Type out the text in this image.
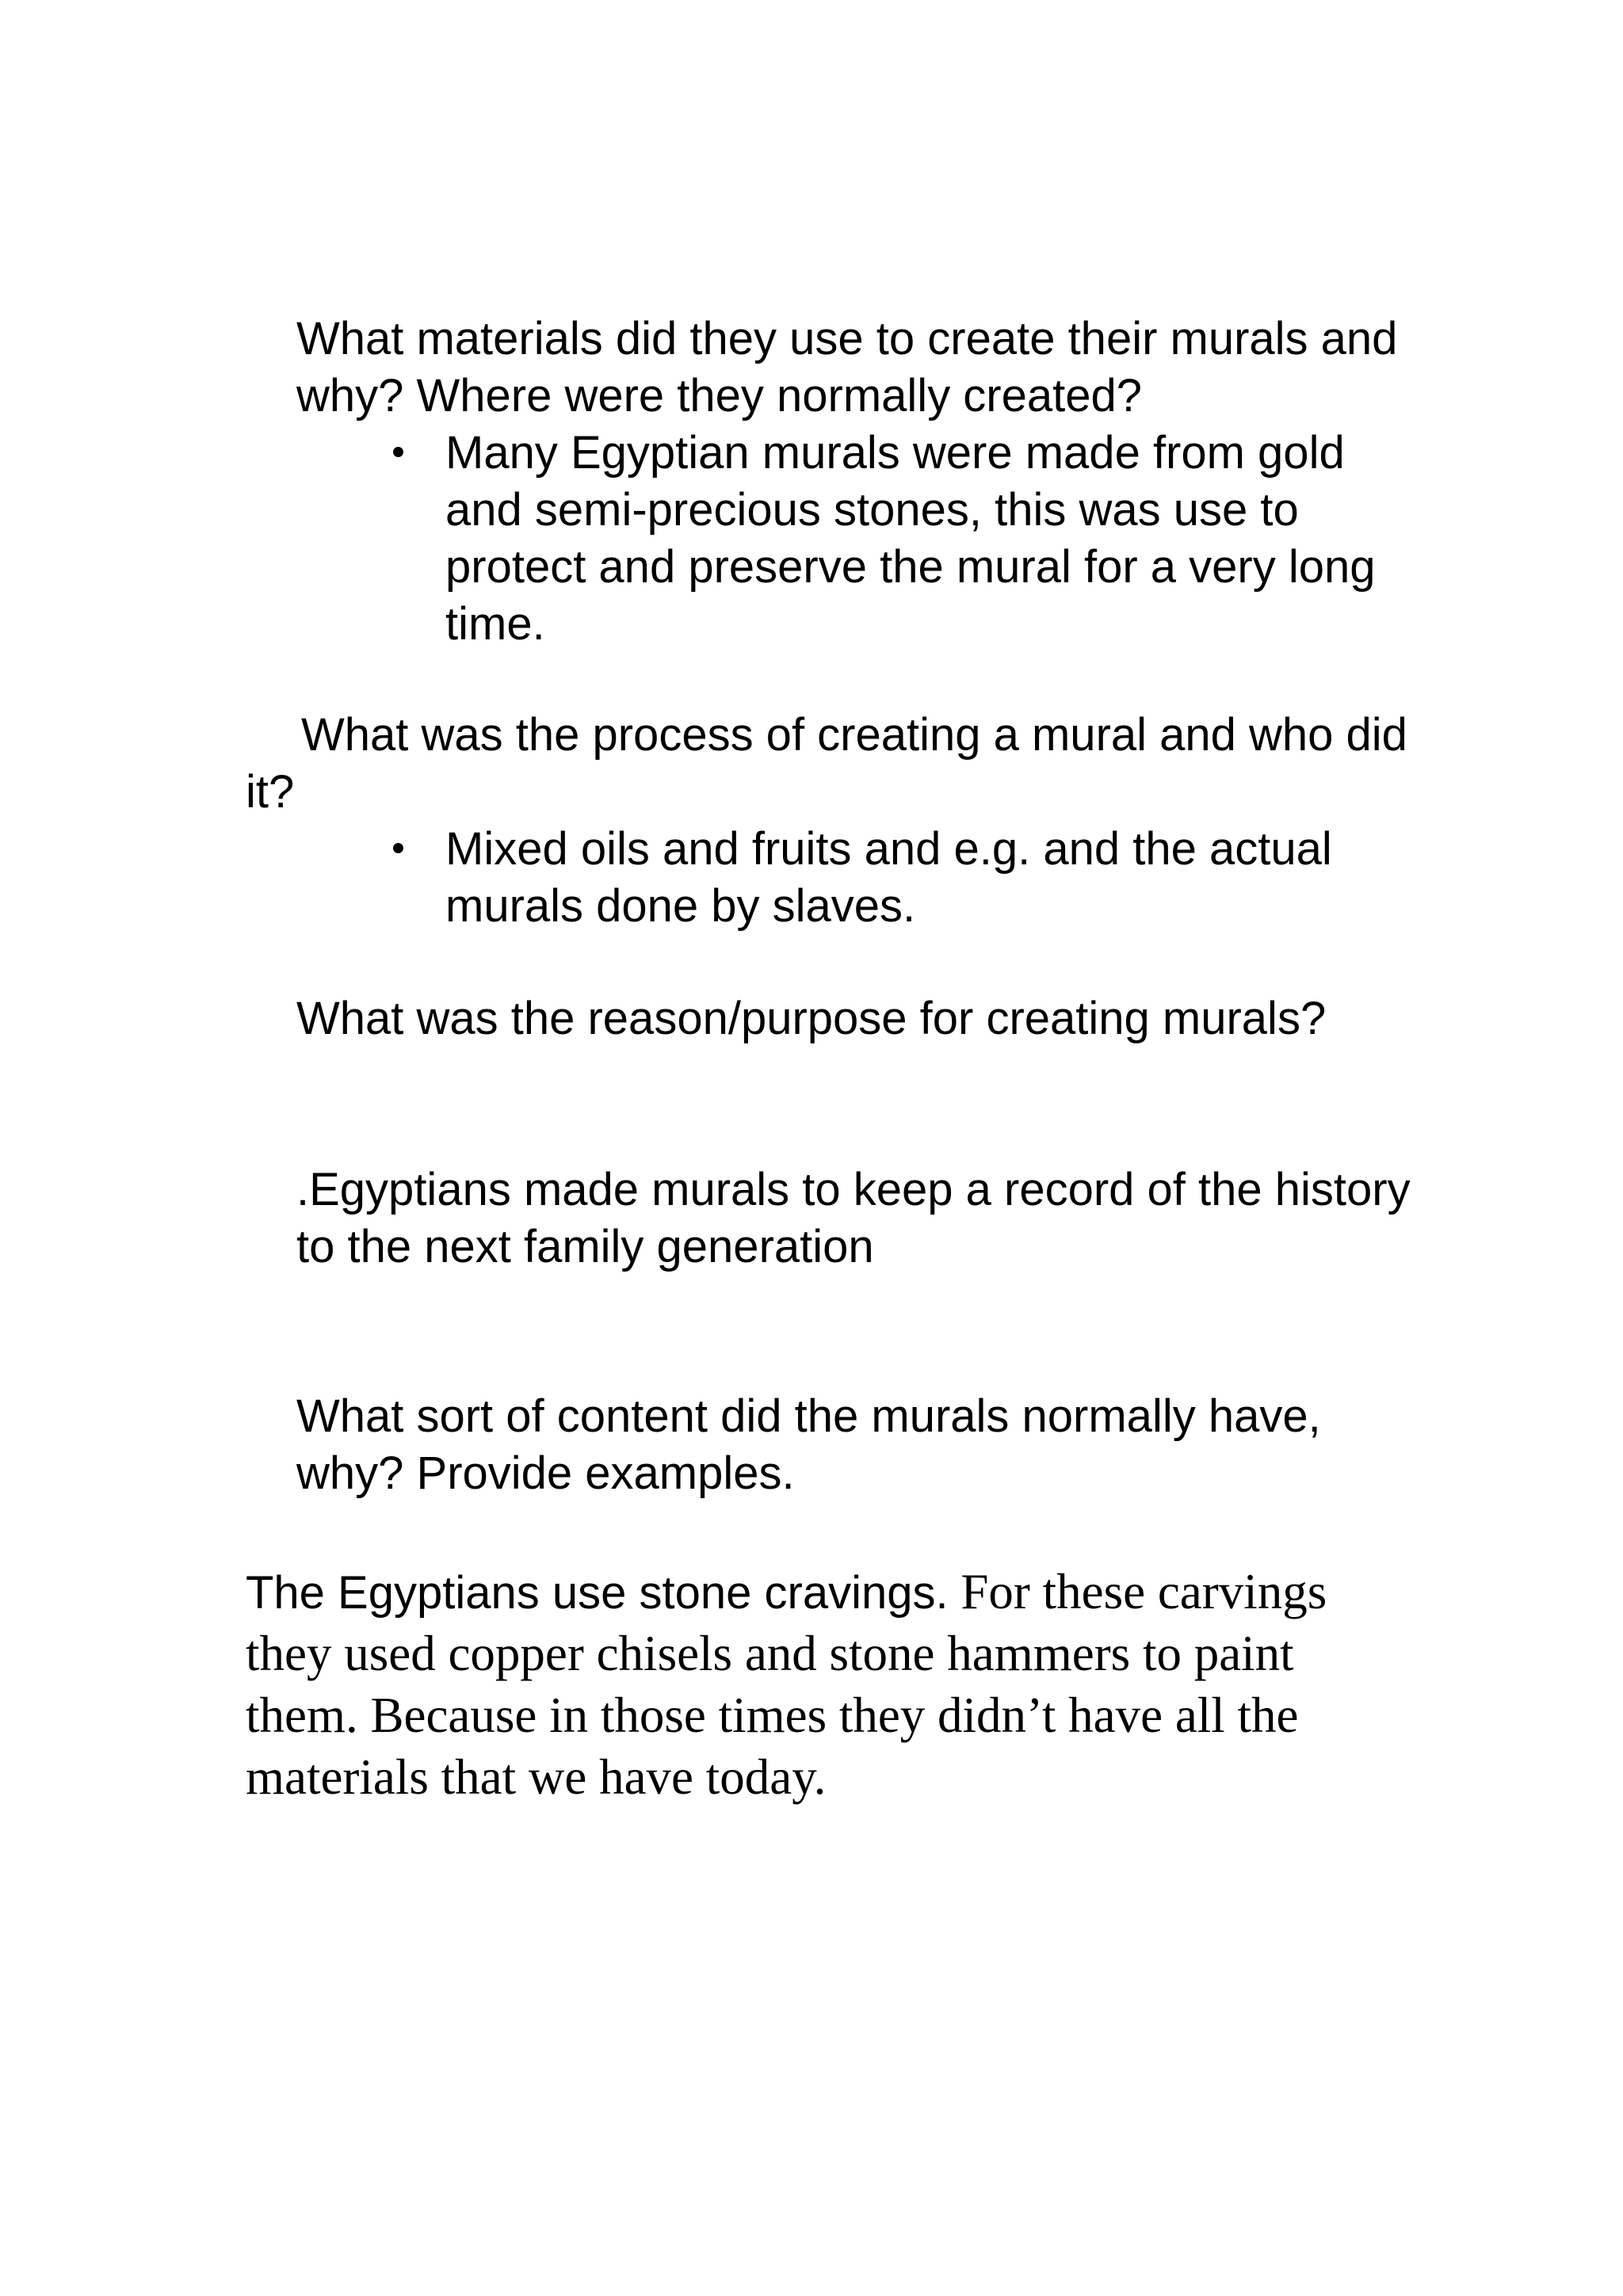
What materials did they use to create their murals and why? Where were they normally created?

Many Egyptian murals were made from gold and semi-precious stones, this was use to protect and preserve the mural for a very long time.

What was the process of creating a mural and who did it?

Mixed oils and fruits and e.g. and the actual murals done by slaves.

What was the reason/purpose for creating murals?

.Egyptians made murals to keep a record of the history to the next family generation

What sort of content did the murals normally have, why? Provide examples.

The Egyptians use stone cravings. For these carvings they used copper chisels and stone hammers to paint them. Because in those times they didn’t have all the materials that we have today.
